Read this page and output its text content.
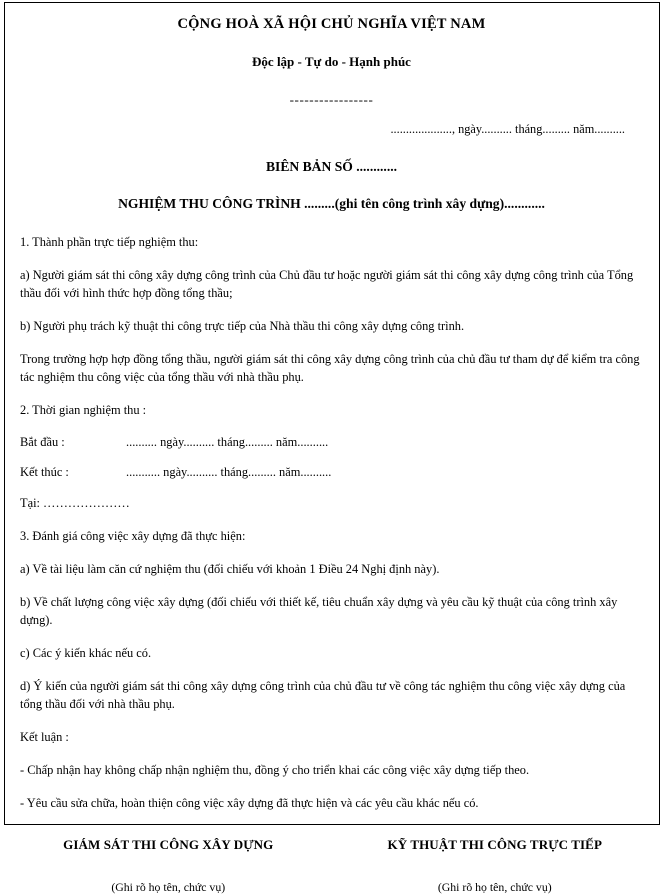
CỘNG HOÀ XÃ HỘI CHỦ NGHĨA VIỆT NAM
Độc lập - Tự do - Hạnh phúc
-----------------
...................., ngày.......... tháng......... năm..........
BIÊN BẢN SỐ ............
NGHIỆM THU CÔNG TRÌNH .........(ghi tên công trình xây dựng)............

1. Thành phần trực tiếp nghiệm thu:

a) Người giám sát thi công xây dựng công trình của Chủ đầu tư hoặc người giám sát thi công xây dựng công trình của Tổng thầu đối với hình thức hợp đồng tổng thầu;

b) Người phụ trách kỹ thuật thi công trực tiếp của Nhà thầu thi công xây dựng công trình.

Trong trường hợp hợp đồng tổng thầu, người giám sát thi công xây dựng công trình của chủ đầu tư tham dự để kiểm tra công tác nghiệm thu công việc của tổng thầu với nhà thầu phụ.

2. Thời gian nghiệm thu :

Bắt đầu :	.......... ngày.......... tháng......... năm..........
Kết thúc :	........... ngày.......... tháng......... năm..........

Tại: …………………

3. Đánh giá công việc xây dựng đã thực hiện:

a) Về tài liệu làm căn cứ nghiệm thu (đối chiếu với khoản 1 Điều 24 Nghị định này).

b) Về chất lượng công việc xây dựng (đối chiếu với thiết kế, tiêu chuẩn xây dựng và yêu cầu kỹ thuật của công trình xây dựng).

c) Các ý kiến khác nếu có.

d) Ý kiến của người giám sát thi công xây dựng công trình của chủ đầu tư về công tác nghiệm thu công việc xây dựng của tổng thầu đối với nhà thầu phụ.

Kết luận :

- Chấp nhận hay không chấp nhận nghiệm thu, đồng ý cho triển khai các công việc xây dựng tiếp theo.

- Yêu cầu sửa chữa, hoàn thiện công việc xây dựng đã thực hiện và các yêu cầu khác nếu có.

GIÁM SÁT THI CÔNG XÂY DỰNG
(Ghi rõ họ tên, chức vụ)
KỸ THUẬT THI CÔNG TRỰC TIẾP
(Ghi rõ họ tên, chức vụ)
